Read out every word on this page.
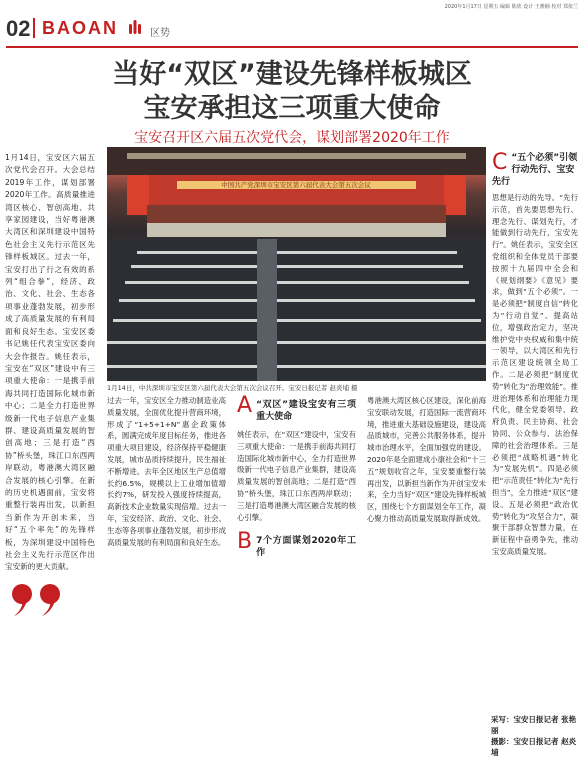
2020年1月17日 星期五 编辑 陈欣 设计 王雅楠 校对 郑依兰
02 BAOAN	区势
当好“双区”建设先锋样板城区
宝安承担这三项重大使命
宝安召开区六届五次党代会，谋划部署2020年工作
1月14日，宝安区六届五次党代会召开。大会总结2019年工作，谋划部署2020年工作。高质量推进湾区核心、智创高地、共享家园建设，当好粤港澳大湾区和深圳建设中国特色社会主义先行示范区先锋样板城区。过去一年，宝安打出了行之有效的系列“组合拳”，经济、政治、文化、社会、生态各项事业蓬勃发展，初步形成了高质量发展的有利局面和良好生态。宝安区委书记姚任代表宝安区委向大会作报告。姚任表示，宝安在“双区”建设中有三项重大使命：一是携手前海共同打造国际化城市新中心；二是全力打造世界级新一代电子信息产业集群、建设高质量发展的智创高地；三是打造“西协”桥头堡，珠江口东西两岸联动，粤港澳大湾区融合发展的核心引擎。在新的历史机遇面前，宝安将重整行装再出发，以新担当新作为开创未来，当好“五个率先”的先锋样板，为深圳建设中国特色社会主义先行示范区作出宝安新的更大贡献。
中国共产党深圳市宝安区第六届代表大会第五次会议
1月14日，中共深圳市宝安区第六届代表大会第五次会议召开。宝安日报记者 赵炎埔 摄
C “五个必须”引领行动先行、宝安先行
思想是行动的先导。“先行示范，首先要思想先行、理念先行、谋划先行，才能做到行动先行，宝安先行”。姚任表示，宝安全区党组织和全体党员干部要按照十九届四中全会和《规划纲要》《意见》要求，做到“五个必须”。一是必须把“制度自信”转化为“行动自觉”。提高站位，增强政治定力，坚决维护党中央权威和集中统一领导，以大湾区和先行示范区建设统领全局工作。二是必须把“制度优势”转化为“治理效能”。推进治理体系和治理能力现代化，健全党委领导、政府负责、民主协商、社会协同、公众参与、法治保障的社会治理体系。三是必须把“战略机遇”转化为“发展先机”。四是必须把“示范责任”转化为“先行担当”，全力推进“双区”建设。五是必须把“政治优势”转化为“攻坚合力”，凝聚干部群众智慧力量，在新征程中奋勇争先，推动宝安高质量发展。
采写：宝安日报记者 张艳丽
摄影：宝安日报记者 赵炎埔
过去一年，宝安区全力推动制造业高质量发展，全面优化提升营商环境，形成了“1+5+1+N”惠企政策体系，圆满完成年度目标任务，推进各项重大项目建设，经济保持平稳健康发展，城市品质持续提升，民生福祉不断增进。去年全区地区生产总值增长约6.5%，规模以上工业增加值增长约7%，研发投入强度持续提高，高新技术企业数量实现倍增。过去一年，宝安经济、政治、文化、社会、生态等各项事业蓬勃发展，初步形成高质量发展的有利局面和良好生态。
A “双区”建设宝安有三项重大使命
姚任表示，在“双区”建设中，宝安有三项重大使命：一是携手前海共同打造国际化城市新中心，全力打造世界级新一代电子信息产业集群，建设高质量发展的智创高地；二是打造“西协”桥头堡，珠江口东西两岸联动；三是打造粤港澳大湾区融合发展的核心引擎。
B 7个方面谋划2020年工作
粤港澳大湾区核心区建设，深化前海宝安联动发展，打造国际一流营商环境，推进重大基础设施建设，建设高品质城市，完善公共服务体系，提升城市治理水平，全面加强党的建设。2020年是全面建成小康社会和“十三五”规划收官之年，宝安要重整行装再出发，以新担当新作为开创宝安未来，全力当好“双区”建设先锋样板城区，围绕七个方面谋划全年工作，凝心聚力推动高质量发展取得新成效。
